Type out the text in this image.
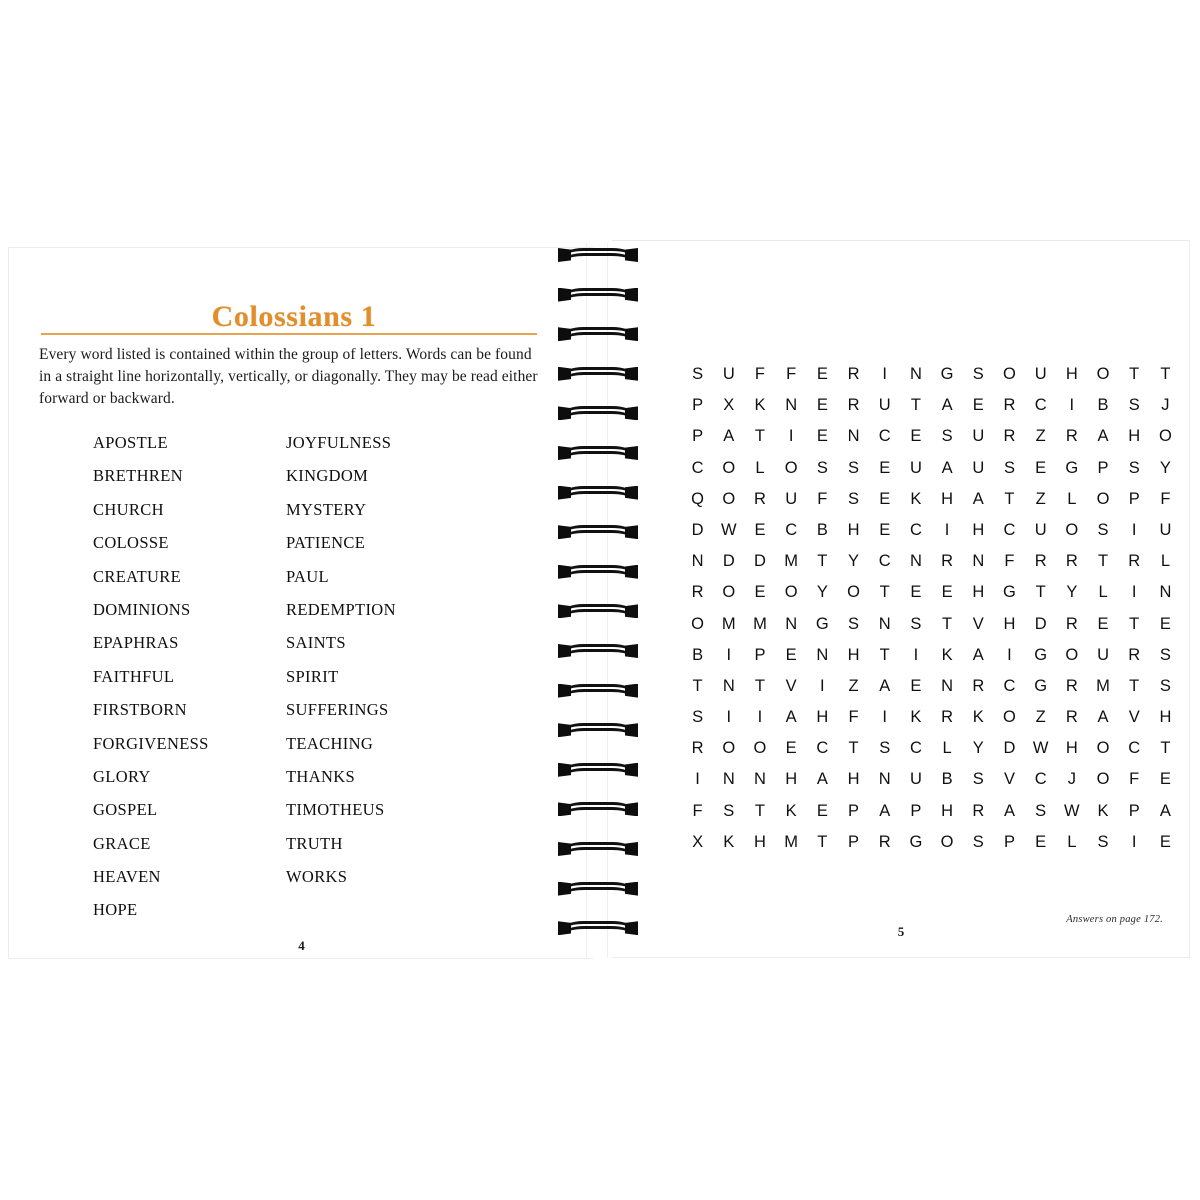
Colossians 1
Every word listed is contained within the group of letters. Words can be found in a straight line horizontally, vertically, or diagonally. They may be read either forward or backward.
APOSTLE
BRETHREN
CHURCH
COLOSSE
CREATURE
DOMINIONS
EPAPHRAS
FAITHFUL
FIRSTBORN
FORGIVENESS
GLORY
GOSPEL
GRACE
HEAVEN
HOPE
JOYFULNESS
KINGDOM
MYSTERY
PATIENCE
PAUL
REDEMPTION
SAINTS
SPIRIT
SUFFERINGS
TEACHING
THANKS
TIMOTHEUS
TRUTH
WORKS
4
S U F F E R I N G S O U H O T T
P X K N E R U T A E R C I B S J
P A T I E N C E S U R Z R A H O
C O L O S S E U A U S E G P S Y
Q O R U F S E K H A T Z L O P F
D W E C B H E C I H C U O S I U
N D D M T Y C N R N F R R T R L
R O E O Y O T E E H G T Y L I N
O M M N G S N S T V H D R E T E
B I P E N H T I K A I G O U R S
T N T V I Z A E N R C G R M T S
S I I A H F I K R K O Z R A V H
R O O E C T S C L Y D W H O C T
I N N H A H N U B S V C J O F E
F S T K E P A P H R A S W K P A
X K H M T P R G O S P E L S I E
Answers on page 172.
5
